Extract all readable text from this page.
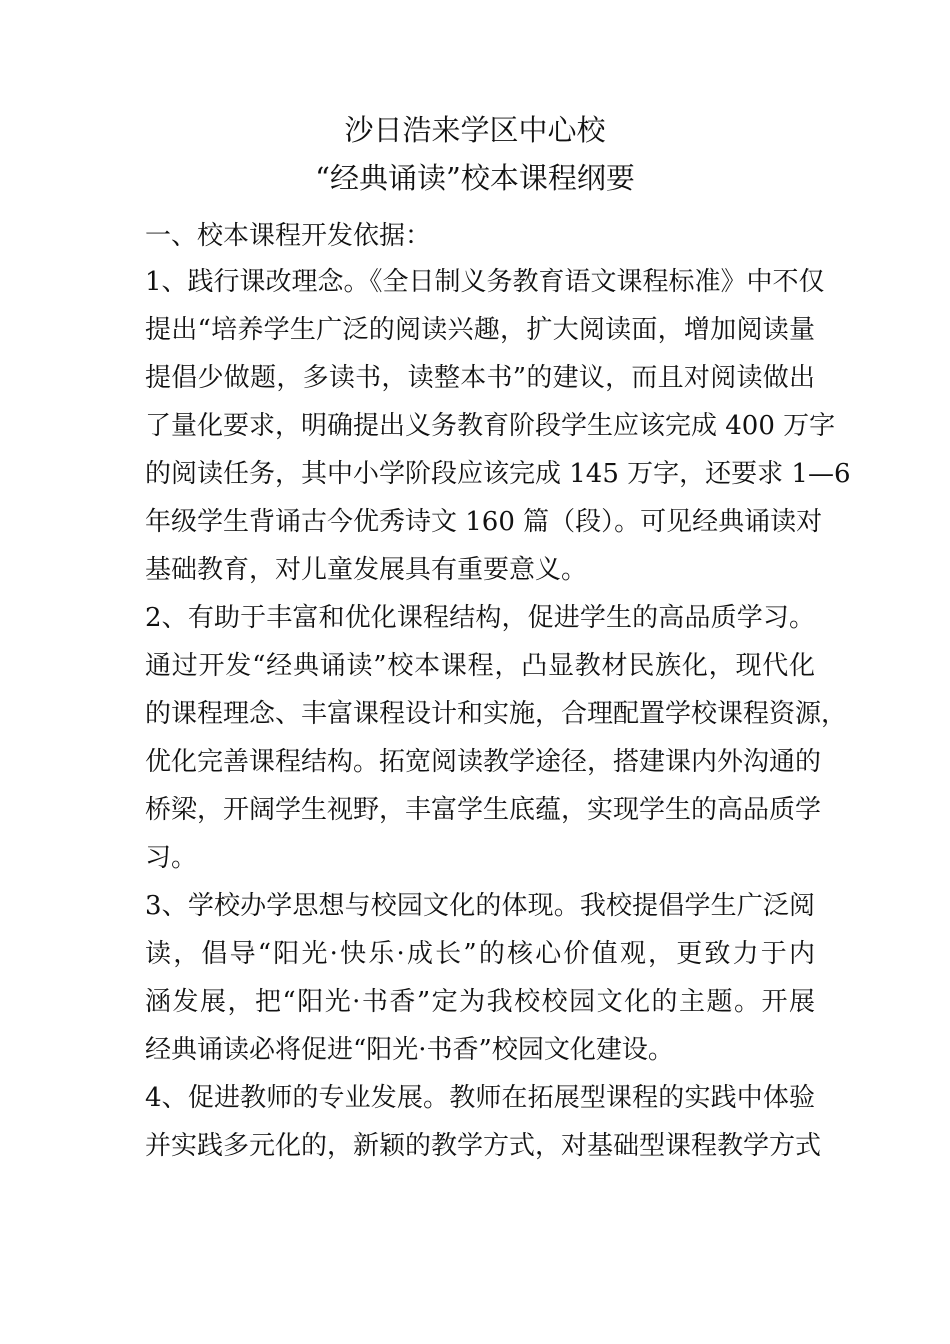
沙日浩来学区中心校
“经典诵读”校本课程纲要
一、校本课程开发依据：
1、践行课改理念。《全日制义务教育语文课程标准》中不仅
提出“培养学生广泛的阅读兴趣，扩大阅读面，增加阅读量
提倡少做题，多读书，读整本书”的建议，而且对阅读做出
了量化要求，明确提出义务教育阶段学生应该完成 400 万字
的阅读任务，其中小学阶段应该完成 145 万字，还要求 1—6
年级学生背诵古今优秀诗文 160 篇（段）。可见经典诵读对
基础教育，对儿童发展具有重要意义。
2、有助于丰富和优化课程结构，促进学生的高品质学习。
通过开发“经典诵读”校本课程，凸显教材民族化，现代化
的课程理念、丰富课程设计和实施，合理配置学校课程资源，
优化完善课程结构。拓宽阅读教学途径，搭建课内外沟通的
桥梁，开阔学生视野，丰富学生底蕴，实现学生的高品质学
习。
3、学校办学思想与校园文化的体现。我校提倡学生广泛阅
读，倡导“阳光·快乐·成长”的核心价值观，更致力于内
涵发展，把“阳光·书香”定为我校校园文化的主题。开展
经典诵读必将促进“阳光·书香”校园文化建设。
4、促进教师的专业发展。教师在拓展型课程的实践中体验
并实践多元化的，新颖的教学方式，对基础型课程教学方式
